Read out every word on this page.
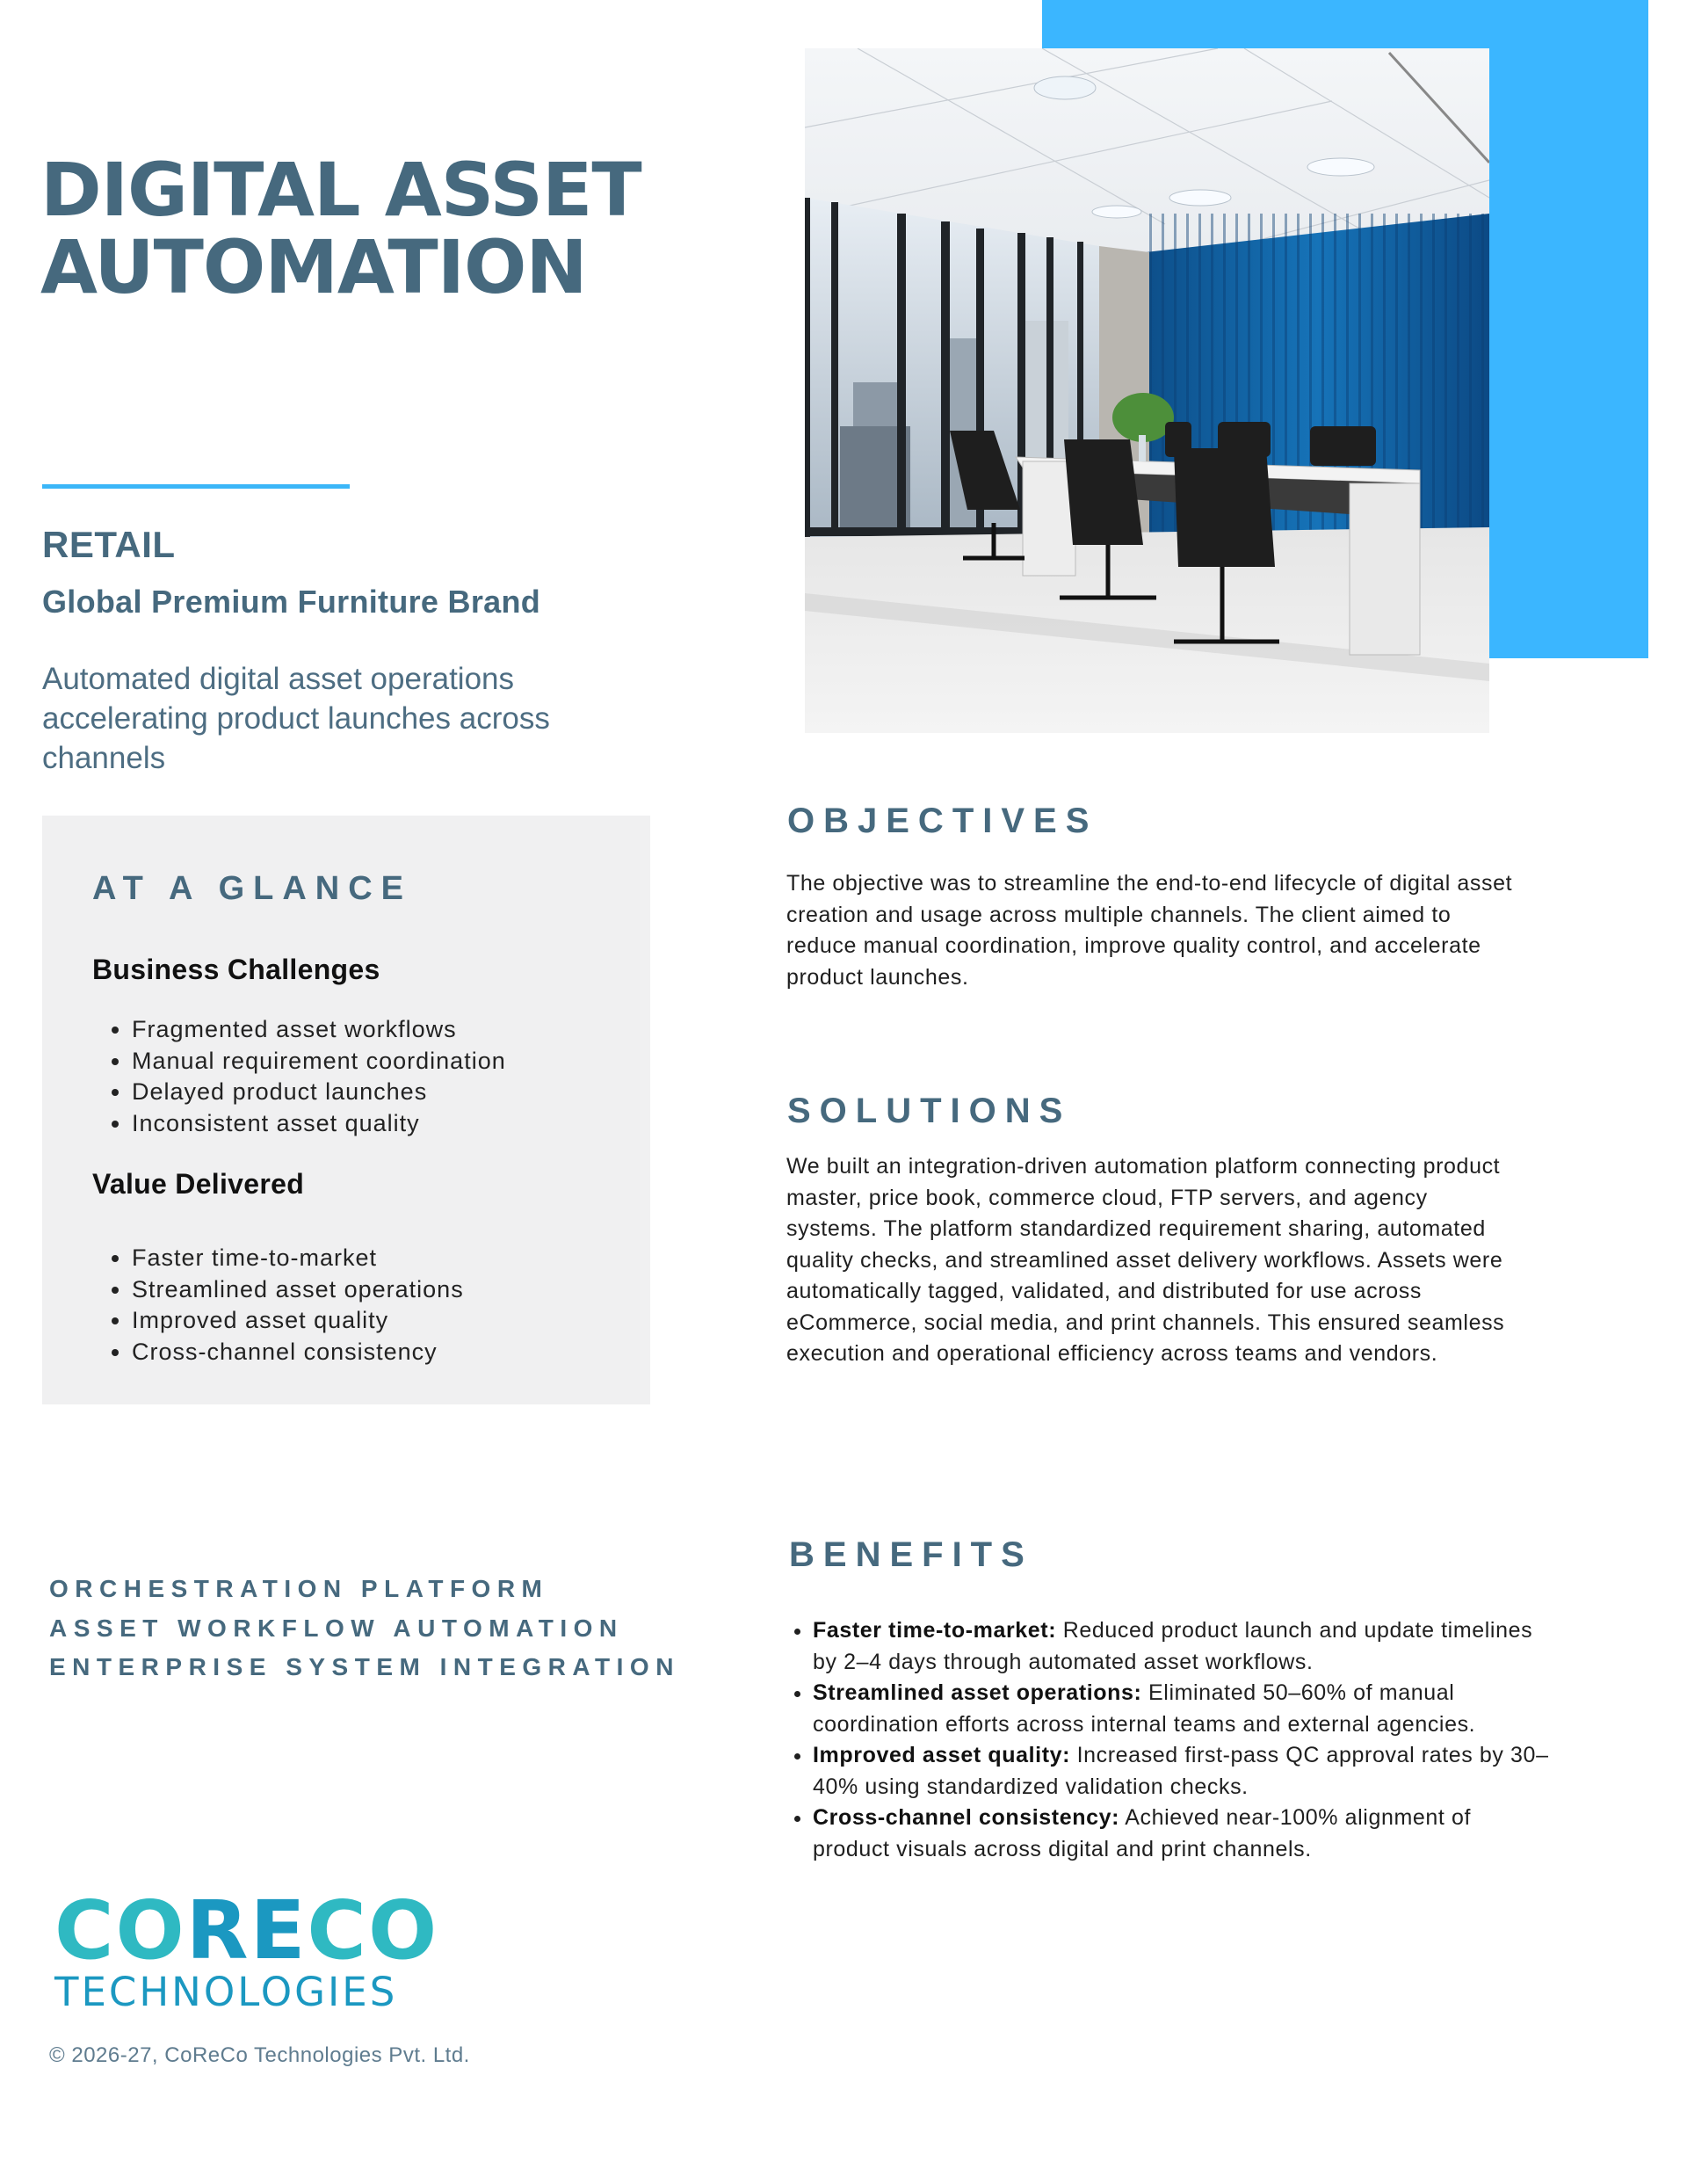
DIGITAL ASSET
AUTOMATION
RETAIL
Global Premium Furniture Brand
Automated digital asset operations accelerating product launches across channels
AT A GLANCE
Business Challenges
• Fragmented asset workflows
• Manual requirement coordination
• Delayed product launches
• Inconsistent asset quality
Value Delivered
• Faster time-to-market
• Streamlined asset operations
• Improved asset quality
• Cross-channel consistency
ORCHESTRATION PLATFORM
ASSET WORKFLOW AUTOMATION
ENTERPRISE SYSTEM INTEGRATION
CORECO
TECHNOLOGIES
© 2026-27, CoReCo Technologies Pvt. Ltd.
OBJECTIVES

The objective was to streamline the end-to-end lifecycle of digital asset creation and usage across multiple channels. The client aimed to reduce manual coordination, improve quality control, and accelerate product launches.

SOLUTIONS

We built an integration-driven automation platform connecting product master, price book, commerce cloud, FTP servers, and agency systems. The platform standardized requirement sharing, automated quality checks, and streamlined asset delivery workflows. Assets were automatically tagged, validated, and distributed for use across eCommerce, social media, and print channels. This ensured seamless execution and operational efficiency across teams and vendors.

BENEFITS
• Faster time-to-market: Reduced product launch and update timelines by 2–4 days through automated asset workflows.
• Streamlined asset operations: Eliminated 50–60% of manual coordination efforts across internal teams and external agencies.
• Improved asset quality: Increased first-pass QC approval rates by 30–40% using standardized validation checks.
• Cross-channel consistency: Achieved near-100% alignment of product visuals across digital and print channels.
